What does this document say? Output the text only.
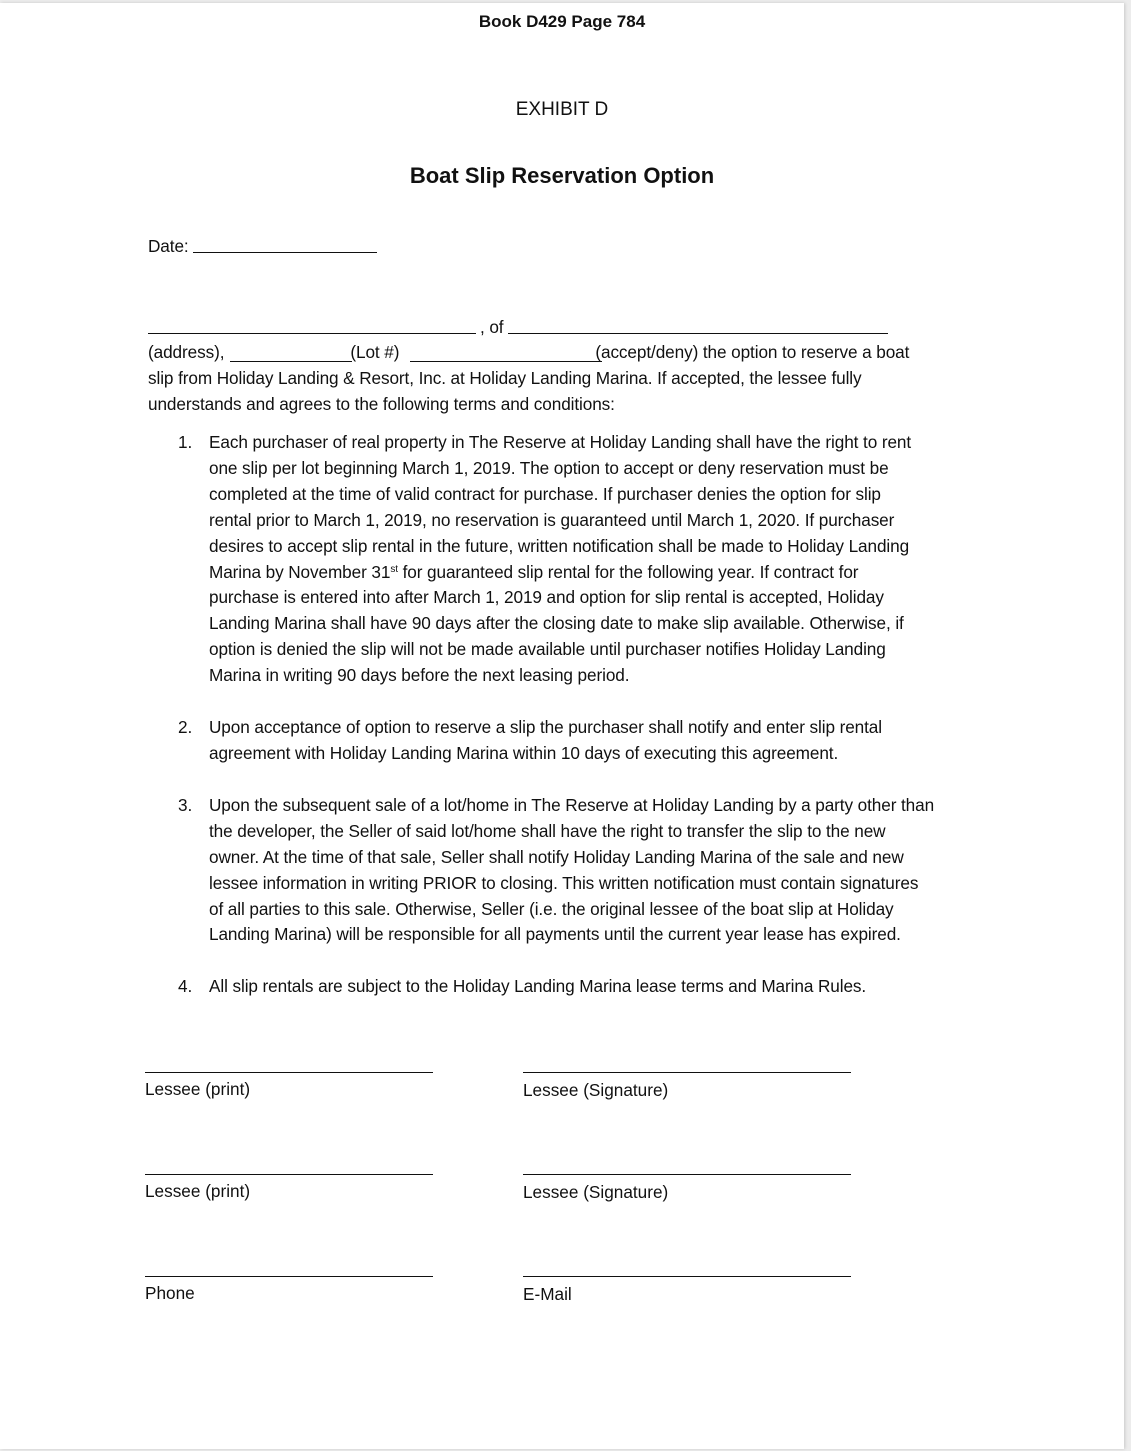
Book D429 Page 784
EXHIBIT D
Boat Slip Reservation Option
Date:
, of
(address),	(Lot #)	(accept/deny) the option to reserve a boat
slip from Holiday Landing & Resort, Inc. at Holiday Landing Marina. If accepted, the lessee fully
understands and agrees to the following terms and conditions:
1. Each purchaser of real property in The Reserve at Holiday Landing shall have the right to rent
one slip per lot beginning March 1, 2019. The option to accept or deny reservation must be
completed at the time of valid contract for purchase. If purchaser denies the option for slip
rental prior to March 1, 2019, no reservation is guaranteed until March 1, 2020. If purchaser
desires to accept slip rental in the future, written notification shall be made to Holiday Landing
Marina by November 31st for guaranteed slip rental for the following year. If contract for
purchase is entered into after March 1, 2019 and option for slip rental is accepted, Holiday
Landing Marina shall have 90 days after the closing date to make slip available. Otherwise, if
option is denied the slip will not be made available until purchaser notifies Holiday Landing
Marina in writing 90 days before the next leasing period.
2. Upon acceptance of option to reserve a slip the purchaser shall notify and enter slip rental
agreement with Holiday Landing Marina within 10 days of executing this agreement.
3. Upon the subsequent sale of a lot/home in The Reserve at Holiday Landing by a party other than
the developer, the Seller of said lot/home shall have the right to transfer the slip to the new
owner. At the time of that sale, Seller shall notify Holiday Landing Marina of the sale and new
lessee information in writing PRIOR to closing. This written notification must contain signatures
of all parties to this sale. Otherwise, Seller (i.e. the original lessee of the boat slip at Holiday
Landing Marina) will be responsible for all payments until the current year lease has expired.
4. All slip rentals are subject to the Holiday Landing Marina lease terms and Marina Rules.
Lessee (print)	Lessee (Signature)
Lessee (print)	Lessee (Signature)
Phone	E-Mail
